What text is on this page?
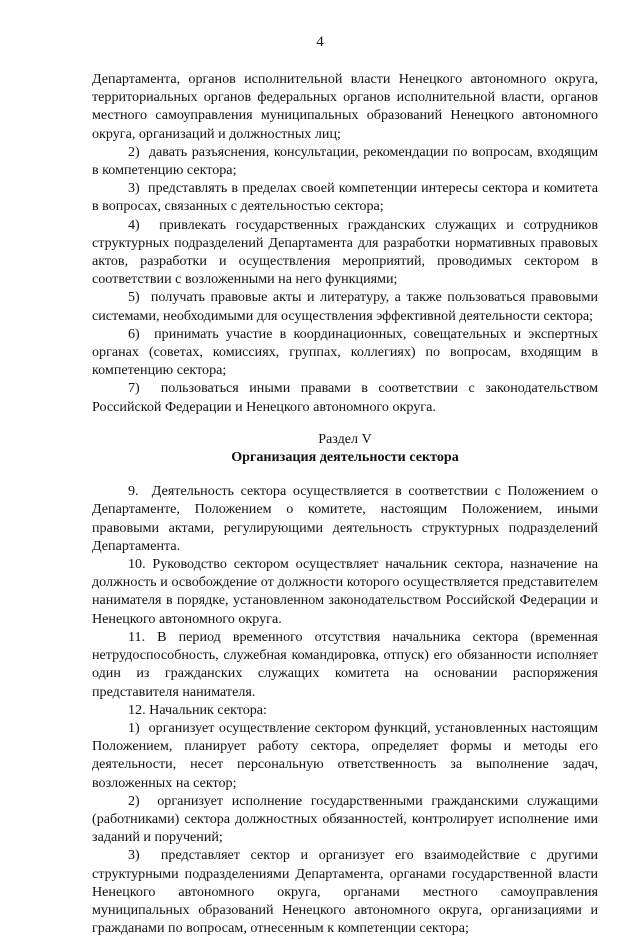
4

Департамента, органов исполнительной власти Ненецкого автономного округа, территориальных органов федеральных органов исполнительной власти, органов местного самоуправления муниципальных образований Ненецкого автономного округа, организаций и должностных лиц;

2)  давать разъяснения, консультации, рекомендации по вопросам, входящим в компетенцию сектора;

3)  представлять в пределах своей компетенции интересы сектора и комитета в вопросах, связанных с деятельностью сектора;

4)  привлекать государственных гражданских служащих и сотрудников структурных подразделений Департамента для разработки нормативных правовых актов, разработки и осуществления мероприятий, проводимых сектором в соответствии с возложенными на него функциями;

5)  получать правовые акты и литературу, а также пользоваться правовыми системами, необходимыми для осуществления эффективной деятельности сектора;

6)  принимать участие в координационных, совещательных и экспертных органах (советах, комиссиях, группах, коллегиях) по вопросам, входящим в компетенцию сектора;

7)  пользоваться иными правами в соответствии с законодательством Российской Федерации и Ненецкого автономного округа.

Раздел V
Организация деятельности сектора

9.  Деятельность сектора осуществляется в соответствии с Положением о Департаменте, Положением о комитете, настоящим Положением, иными правовыми актами, регулирующими деятельность структурных подразделений Департамента.

10. Руководство сектором осуществляет начальник сектора, назначение на должность и освобождение от должности которого осуществляется представителем нанимателя в порядке, установленном законодательством Российской Федерации и Ненецкого автономного округа.

11. В период временного отсутствия начальника сектора (временная нетрудоспособность, служебная командировка, отпуск) его обязанности исполняет один из гражданских служащих комитета на основании распоряжения представителя нанимателя.

12. Начальник сектора:

1)  организует осуществление сектором функций, установленных настоящим Положением, планирует работу сектора, определяет формы и методы его деятельности, несет персональную ответственность за выполнение задач, возложенных на сектор;

2)  организует исполнение государственными гражданскими служащими (работниками) сектора должностных обязанностей, контролирует исполнение ими заданий и поручений;

3)  представляет сектор и организует его взаимодействие с другими структурными подразделениями Департамента, органами государственной власти Ненецкого автономного округа, органами местного самоуправления муниципальных образований Ненецкого автономного округа, организациями и гражданами по вопросам, отнесенным к компетенции сектора;
